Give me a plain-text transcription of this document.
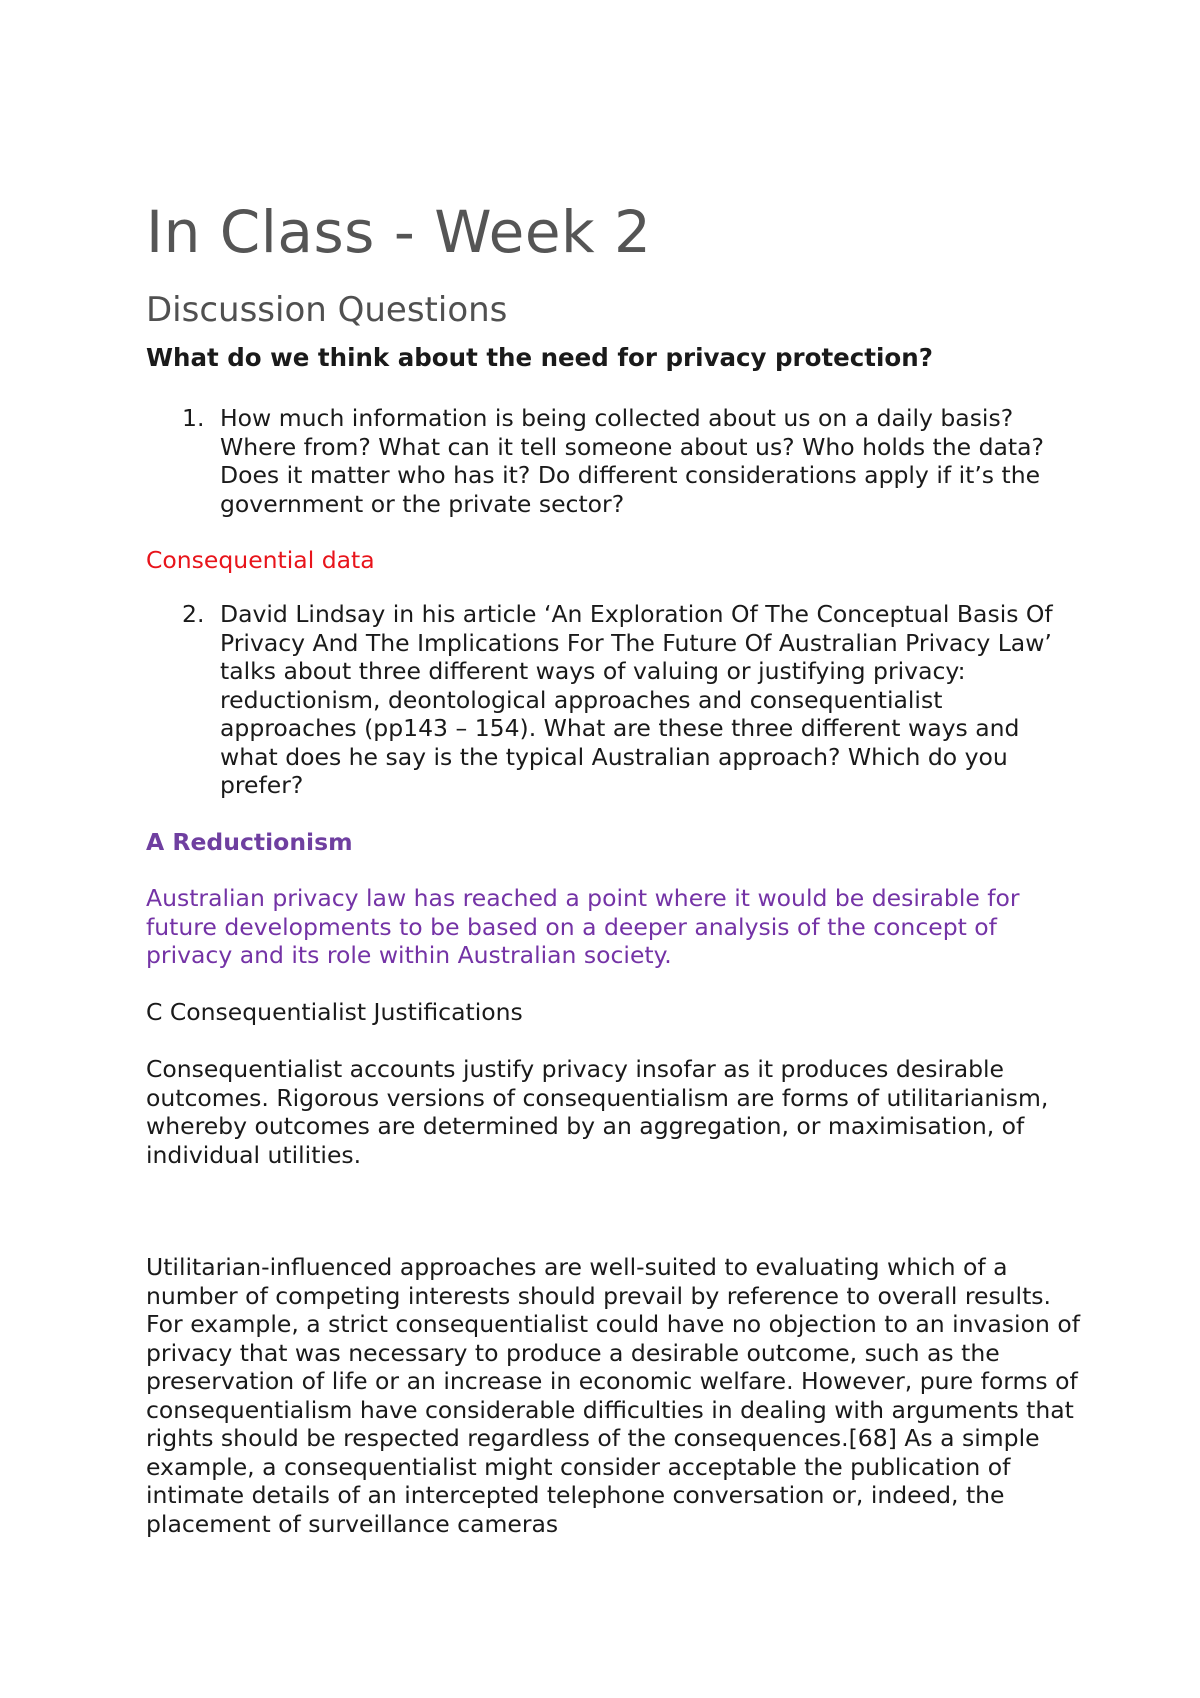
In Class - Week 2
Discussion Questions
What do we think about the need for privacy protection?
1. How much information is being collected about us on a daily basis? Where from? What can it tell someone about us? Who holds the data? Does it matter who has it? Do different considerations apply if it’s the government or the private sector?

Consequential data

2. David Lindsay in his article ‘An Exploration Of The Conceptual Basis Of Privacy And The Implications For The Future Of Australian Privacy Law’ talks about three different ways of valuing or justifying privacy: reductionism, deontological approaches and consequentialist approaches (pp143 – 154). What are these three different ways and what does he say is the typical Australian approach? Which do you prefer?

A Reductionism

Australian privacy law has reached a point where it would be desirable for future developments to be based on a deeper analysis of the concept of privacy and its role within Australian society.

C Consequentialist Justifications

Consequentialist accounts justify privacy insofar as it produces desirable outcomes. Rigorous versions of consequentialism are forms of utilitarianism, whereby outcomes are determined by an aggregation, or maximisation, of individual utilities.

Utilitarian-influenced approaches are well-suited to evaluating which of a number of competing interests should prevail by reference to overall results. For example, a strict consequentialist could have no objection to an invasion of privacy that was necessary to produce a desirable outcome, such as the preservation of life or an increase in economic welfare. However, pure forms of consequentialism have considerable difficulties in dealing with arguments that rights should be respected regardless of the consequences.[68] As a simple example, a consequentialist might consider acceptable the publication of intimate details of an intercepted telephone conversation or, indeed, the placement of surveillance cameras
